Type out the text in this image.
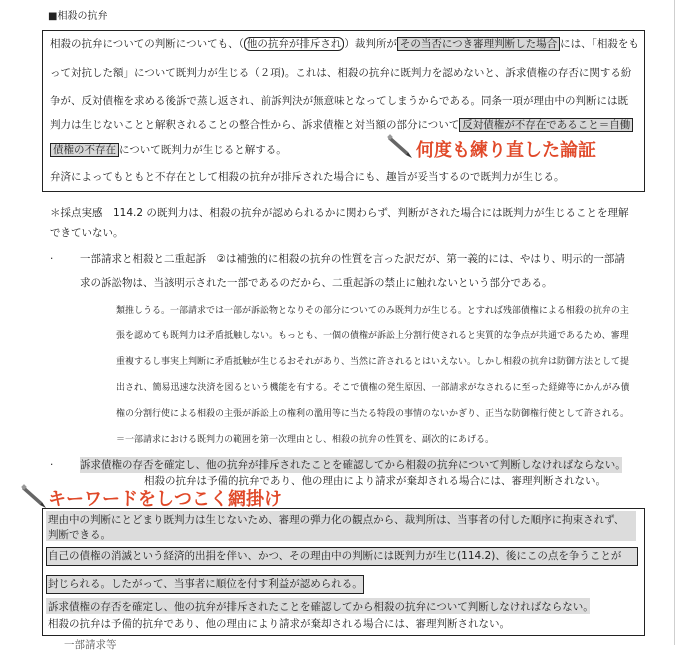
■相殺の抗弁
相殺の抗弁についての判断についても、（ 他の抗弁が排斥され ）裁判所が その当否につき審理判断した場合 には、「相殺をも
って対抗した額」について既判力が生じる（２項)。これは、相殺の抗弁に既判力を認めないと、訴求債権の存否に関する紛
争が、反対債権を求める後訴で蒸し返され、前訴判決が無意味となってしまうからである。同条一項が理由中の判断には既
判力は生じないことと解釈されることの整合性から、訴求債権と対当額の部分について 反対債権が不存在であること＝自働
債権の不存在 について既判力が生じると解する。
弁済によってもともと不存在として相殺の抗弁が排斥された場合にも、趣旨が妥当するので既判力が生じる。
何度も練り直した論証
＊採点実感　114.2 の既判力は、相殺の抗弁が認められるかに関わらず、判断がされた場合には既判力が生じることを理解
できていない。
·	一部請求と相殺と二重起訴　②は補強的に相殺の抗弁の性質を言った訳だが、第一義的には、やはり、明示的一部請
求の訴訟物は、当該明示された一部であるのだから、二重起訴の禁止に触れないという部分である。
類推しうる。一部請求では一部が訴訟物となりその部分についてのみ既判力が生じる。とすれば残部債権による相殺の抗弁の主
張を認めても既判力は矛盾抵触しない。もっとも、一個の債権が訴訟上分割行使されると実質的な争点が共通であるため、審理
重複するし事実上判断に矛盾抵触が生じるおそれがあり、当然に許されるとはいえない。しかし相殺の抗弁は防御方法として提
出され、簡易迅速な決済を図るという機能を有する。そこで債権の発生原因、一部請求がなされるに至った経緯等にかんがみ債
権の分割行使による相殺の主張が訴訟上の権利の濫用等に当たる特段の事情のないかぎり、正当な防御権行使として許される。
＝一部請求における既判力の範囲を第一次理由とし、相殺の抗弁の性質を、副次的にあげる。
·	訴求債権の存否を確定し、他の抗弁が排斥されたことを確認してから相殺の抗弁について判断しなければならない。
相殺の抗弁は予備的抗弁であり、他の理由により請求が棄却される場合には、審理判断されない。
キーワードをしつこく網掛け
理由中の判断にとどまり既判力は生じないため、審理の弾力化の観点から、裁判所は、当事者の付した順序に拘束されず、
判断できる。
自己の債権の消滅という経済的出捐を伴い、かつ、その理由中の判断には既判力が生じ(114.2)、後にこの点を争うことが
封じられる。したがって、当事者に順位を付す利益が認められる。
訴求債権の存否を確定し、他の抗弁が排斥されたことを確認してから相殺の抗弁について判断しなければならない。
相殺の抗弁は予備的抗弁であり、他の理由により請求が棄却される場合には、審理判断されない。
一部請求等
